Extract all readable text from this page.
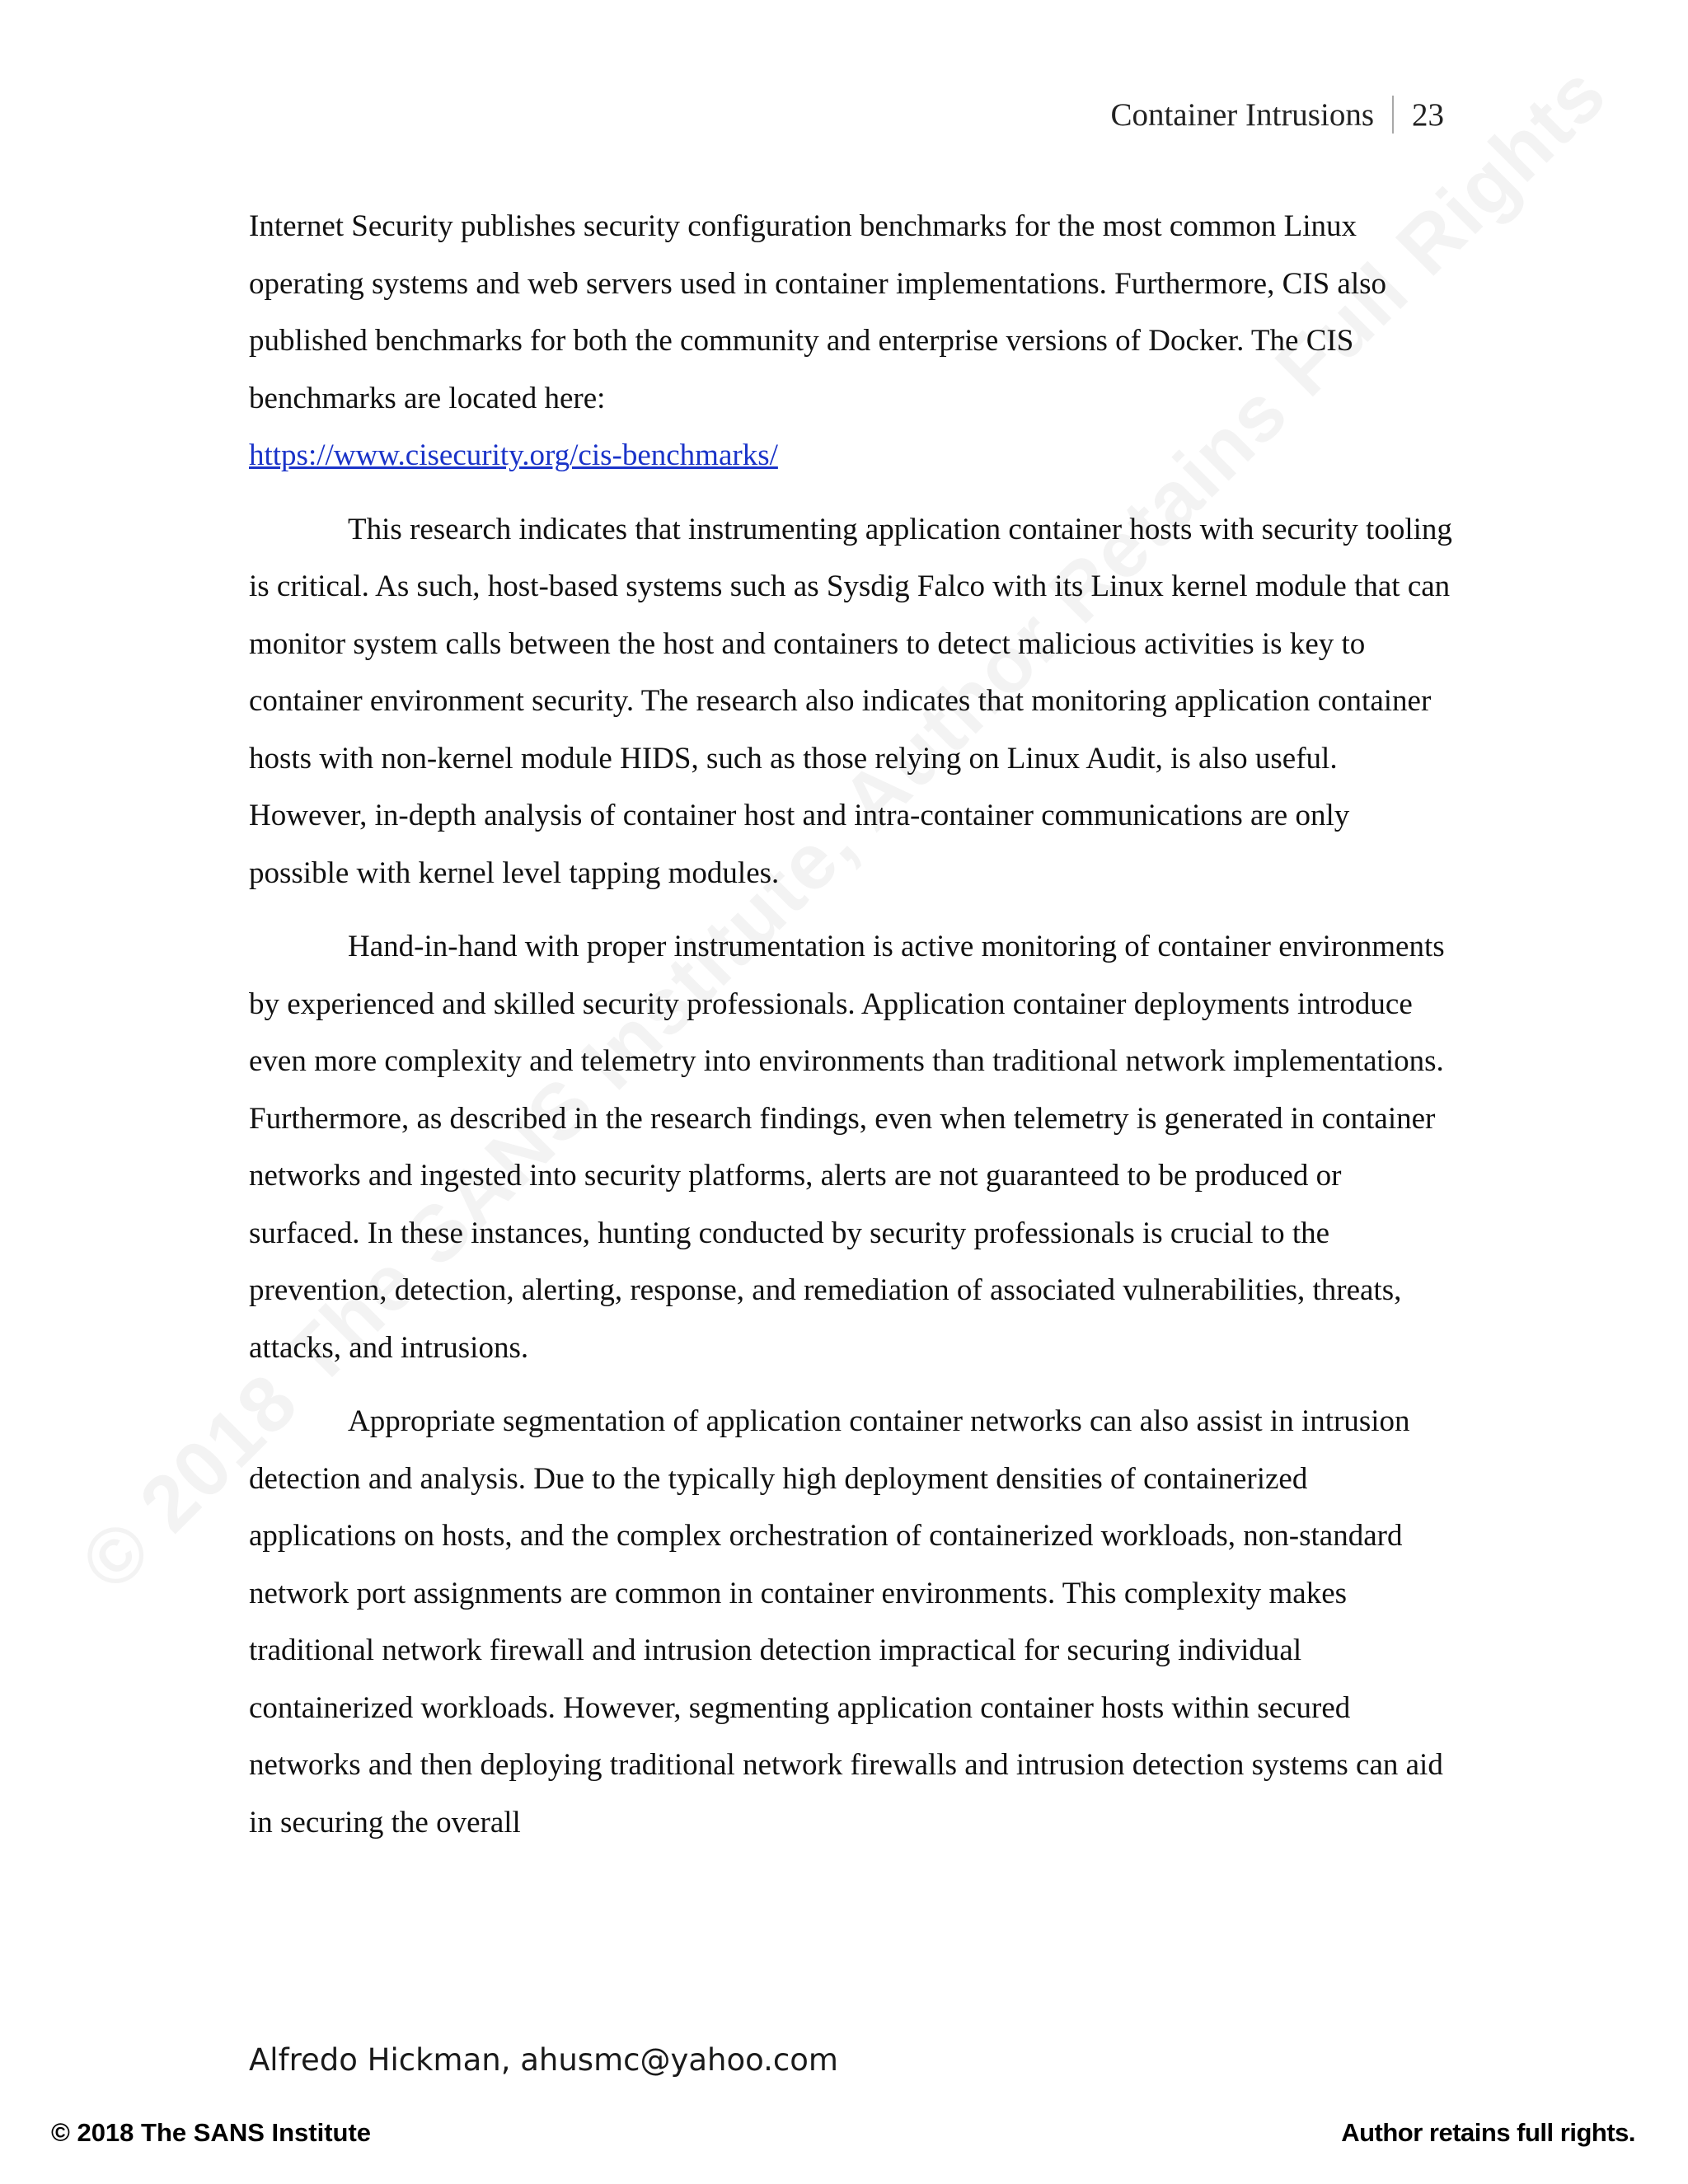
Container Intrusions 23

Internet Security publishes security configuration benchmarks for the most common Linux operating systems and web servers used in container implementations. Furthermore, CIS also published benchmarks for both the community and enterprise versions of Docker. The CIS benchmarks are located here:
https://www.cisecurity.org/cis-benchmarks/

This research indicates that instrumenting application container hosts with security tooling is critical. As such, host-based systems such as Sysdig Falco with its Linux kernel module that can monitor system calls between the host and containers to detect malicious activities is key to container environment security. The research also indicates that monitoring application container hosts with non-kernel module HIDS, such as those relying on Linux Audit, is also useful. However, in-depth analysis of container host and intra-container communications are only possible with kernel level tapping modules.

Hand-in-hand with proper instrumentation is active monitoring of container environments by experienced and skilled security professionals. Application container deployments introduce even more complexity and telemetry into environments than traditional network implementations. Furthermore, as described in the research findings, even when telemetry is generated in container networks and ingested into security platforms, alerts are not guaranteed to be produced or surfaced. In these instances, hunting conducted by security professionals is crucial to the prevention, detection, alerting, response, and remediation of associated vulnerabilities, threats, attacks, and intrusions.

Appropriate segmentation of application container networks can also assist in intrusion detection and analysis. Due to the typically high deployment densities of containerized applications on hosts, and the complex orchestration of containerized workloads, non-standard network port assignments are common in container environments. This complexity makes traditional network firewall and intrusion detection impractical for securing individual containerized workloads. However, segmenting application container hosts within secured networks and then deploying traditional network firewalls and intrusion detection systems can aid in securing the overall

Alfredo Hickman, ahusmc@yahoo.com
© 2018 The SANS Institute	Author retains full rights.
